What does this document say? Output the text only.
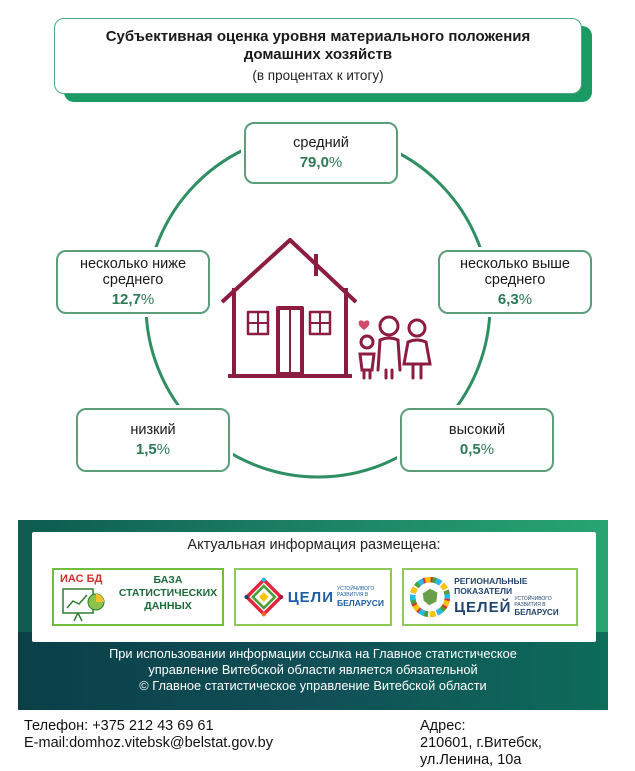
Субъективная оценка уровня материального положения
домашних хозяйств
(в процентах к итогу)
средний
79,0%
несколько ниже
среднего
12,7%
несколько выше
среднего
6,3%
низкий
1,5%
высокий
0,5%
Актуальная информация размещена:
ИАС БД	БАЗА
СТАТИСТИЧЕСКИХ
ДАННЫХ
ЦЕЛИ УСТОЙЧИВОГО РАЗВИТИЯ В
БЕЛАРУСИ
РЕГИОНАЛЬНЫЕ ПОКАЗАТЕЛИ
ЦЕЛЕЙ УСТОЙЧИВОГО РАЗВИТИЯ В
БЕЛАРУСИ
При использовании информации ссылка на Главное статистическое
управление Витебской области является обязательной
© Главное статистическое управление Витебской области
Телефон: +375 212 43 69 61
E-mail:domhoz.vitebsk@belstat.gov.by
Адрес:
210601, г.Витебск,
ул.Ленина, 10а
